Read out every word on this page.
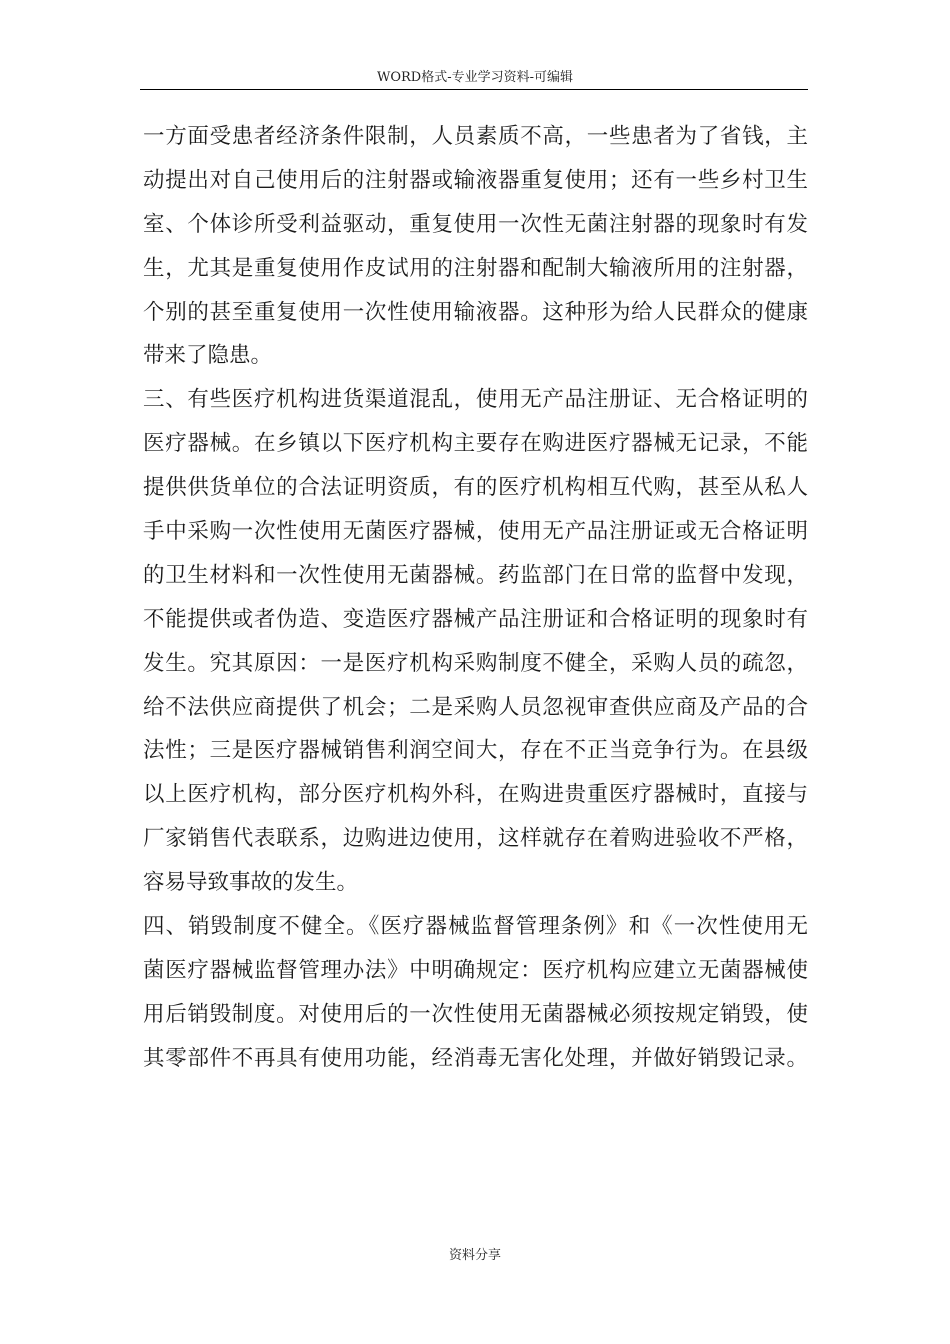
WORD格式-专业学习资料-可编辑
一方面受患者经济条件限制，人员素质不高，一些患者为了省钱，主
动提出对自己使用后的注射器或输液器重复使用；还有一些乡村卫生
室、个体诊所受利益驱动，重复使用一次性无菌注射器的现象时有发
生，尤其是重复使用作皮试用的注射器和配制大输液所用的注射器，
个别的甚至重复使用一次性使用输液器。这种形为给人民群众的健康
带来了隐患。
三、有些医疗机构进货渠道混乱，使用无产品注册证、无合格证明的
医疗器械。在乡镇以下医疗机构主要存在购进医疗器械无记录，不能
提供供货单位的合法证明资质，有的医疗机构相互代购，甚至从私人
手中采购一次性使用无菌医疗器械，使用无产品注册证或无合格证明
的卫生材料和一次性使用无菌器械。药监部门在日常的监督中发现，
不能提供或者伪造、变造医疗器械产品注册证和合格证明的现象时有
发生。究其原因：一是医疗机构采购制度不健全，采购人员的疏忽，
给不法供应商提供了机会；二是采购人员忽视审查供应商及产品的合
法性；三是医疗器械销售利润空间大，存在不正当竞争行为。在县级
以上医疗机构，部分医疗机构外科，在购进贵重医疗器械时，直接与
厂家销售代表联系，边购进边使用，这样就存在着购进验收不严格，
容易导致事故的发生。
四、销毁制度不健全。《医疗器械监督管理条例》和《一次性使用无
菌医疗器械监督管理办法》中明确规定：医疗机构应建立无菌器械使
用后销毁制度。对使用后的一次性使用无菌器械必须按规定销毁，使
其零部件不再具有使用功能，经消毒无害化处理，并做好销毁记录。
资料分享
